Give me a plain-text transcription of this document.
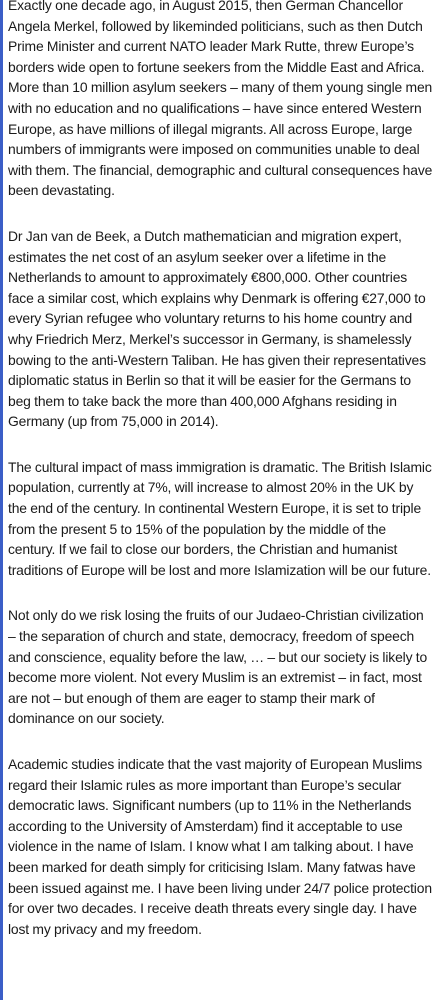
Exactly one decade ago, in August 2015, then German Chancellor Angela Merkel, followed by likeminded politicians, such as then Dutch Prime Minister and current NATO leader Mark Rutte, threw Europe’s borders wide open to fortune seekers from the Middle East and Africa. More than 10 million asylum seekers – many of them young single men with no education and no qualifications – have since entered Western Europe, as have millions of illegal migrants. All across Europe, large numbers of immigrants were imposed on communities unable to deal with them. The financial, demographic and cultural consequences have been devastating.

Dr Jan van de Beek, a Dutch mathematician and migration expert, estimates the net cost of an asylum seeker over a lifetime in the Netherlands to amount to approximately €800,000. Other countries face a similar cost, which explains why Denmark is offering €27,000 to every Syrian refugee who voluntary returns to his home country and why Friedrich Merz, Merkel’s successor in Germany, is shamelessly bowing to the anti-Western Taliban. He has given their representatives diplomatic status in Berlin so that it will be easier for the Germans to beg them to take back the more than 400,000 Afghans residing in Germany (up from 75,000 in 2014).

The cultural impact of mass immigration is dramatic. The British Islamic population, currently at 7%, will increase to almost 20% in the UK by the end of the century. In continental Western Europe, it is set to triple from the present 5 to 15% of the population by the middle of the century. If we fail to close our borders, the Christian and humanist traditions of Europe will be lost and more Islamization will be our future.

Not only do we risk losing the fruits of our Judaeo-Christian civilization – the separation of church and state, democracy, freedom of speech and conscience, equality before the law, … – but our society is likely to become more violent. Not every Muslim is an extremist – in fact, most are not – but enough of them are eager to stamp their mark of dominance on our society.

Academic studies indicate that the vast majority of European Muslims regard their Islamic rules as more important than Europe’s secular democratic laws. Significant numbers (up to 11% in the Netherlands according to the University of Amsterdam) find it acceptable to use violence in the name of Islam. I know what I am talking about. I have been marked for death simply for criticising Islam. Many fatwas have been issued against me. I have been living under 24/7 police protection for over two decades. I receive death threats every single day. I have lost my privacy and my freedom.
